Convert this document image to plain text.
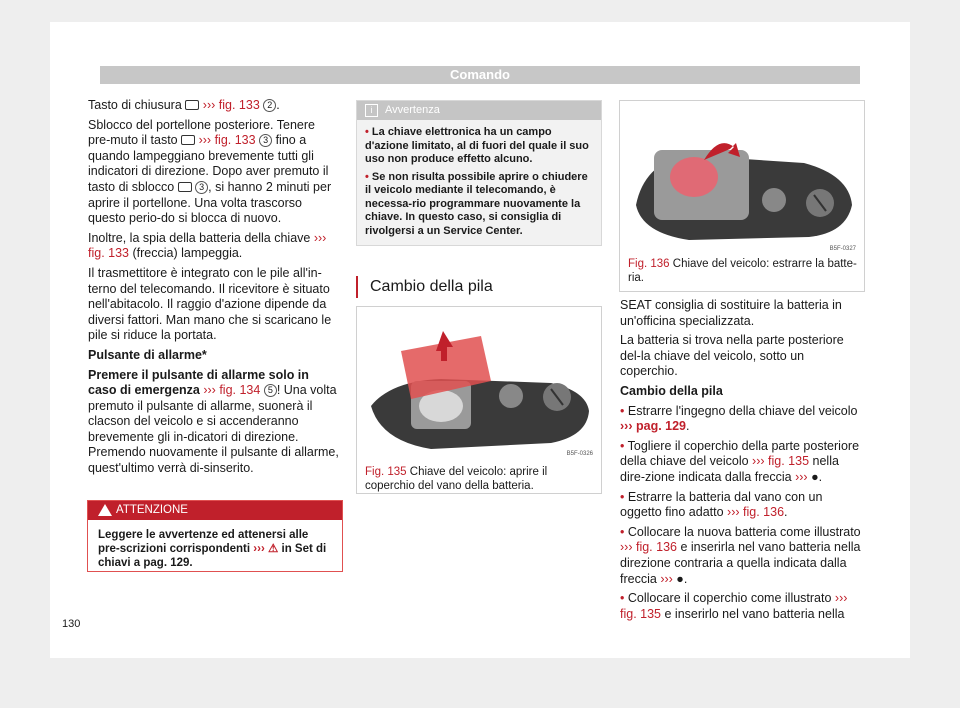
Comando

Tasto di chiusura ››› fig. 133 2 .

Sblocco del portellone posteriore. Tenere pre-muto il tasto ››› fig. 133 3 fino a quando lampeggiano brevemente tutti gli indicatori di direzione. Dopo aver premuto il tasto di sblocco	3 , si hanno 2 minuti per aprire il portellone. Una volta trascorso questo perio-do si blocca di nuovo.

Inoltre, la spia della batteria della chiave ››› fig. 133 (freccia) lampeggia.

Il trasmettitore è integrato con le pile all'in-terno del telecomando. Il ricevitore è situato nell'abitacolo. Il raggio d'azione dipende da diversi fattori. Man mano che si scaricano le pile si riduce la portata.

Pulsante di allarme*

Premere il pulsante di allarme solo in caso di emergenza ››› fig. 134 5 ! Una volta premuto il pulsante di allarme, suonerà il clacson del veicolo e si accenderanno brevemente gli in-dicatori di direzione. Premendo nuovamente il pulsante di allarme, quest'ultimo verrà di-sinserito.

ATTENZIONE
Leggere le avvertenze ed attenersi alle pre-scrizioni corrispondenti ››› ⚠ in Set di chiavi a pag. 129.
i	Avvertenza
• La chiave elettronica ha un campo d'azione limitato, al di fuori del quale il suo uso non produce effetto alcuno.
• Se non risulta possibile aprire o chiudere il veicolo mediante il telecomando, è necessa-rio programmare nuovamente la chiave. In questo caso, si consiglia di rivolgersi a un Service Center.
Cambio della pila
B5F-0326
Fig. 135 Chiave del veicolo: aprire il coperchio del vano della batteria.
B5F-0327
Fig. 136 Chiave del veicolo: estrarre la batte-ria.

SEAT consiglia di sostituire la batteria in un'officina specializzata.

La batteria si trova nella parte posteriore del-la chiave del veicolo, sotto un coperchio.

Cambio della pila

• Estrarre l'ingegno della chiave del veicolo ››› pag. 129.

• Togliere il coperchio della parte posteriore della chiave del veicolo ››› fig. 135 nella dire-zione indicata dalla freccia ››› ●.

• Estrarre la batteria dal vano con un oggetto fino adatto ››› fig. 136.

• Collocare la nuova batteria come illustrato ››› fig. 136 e inserirla nel vano batteria nella direzione contraria a quella indicata dalla freccia ››› ●.

• Collocare il coperchio come illustrato ››› fig. 135 e inserirlo nel vano batteria nella

130
